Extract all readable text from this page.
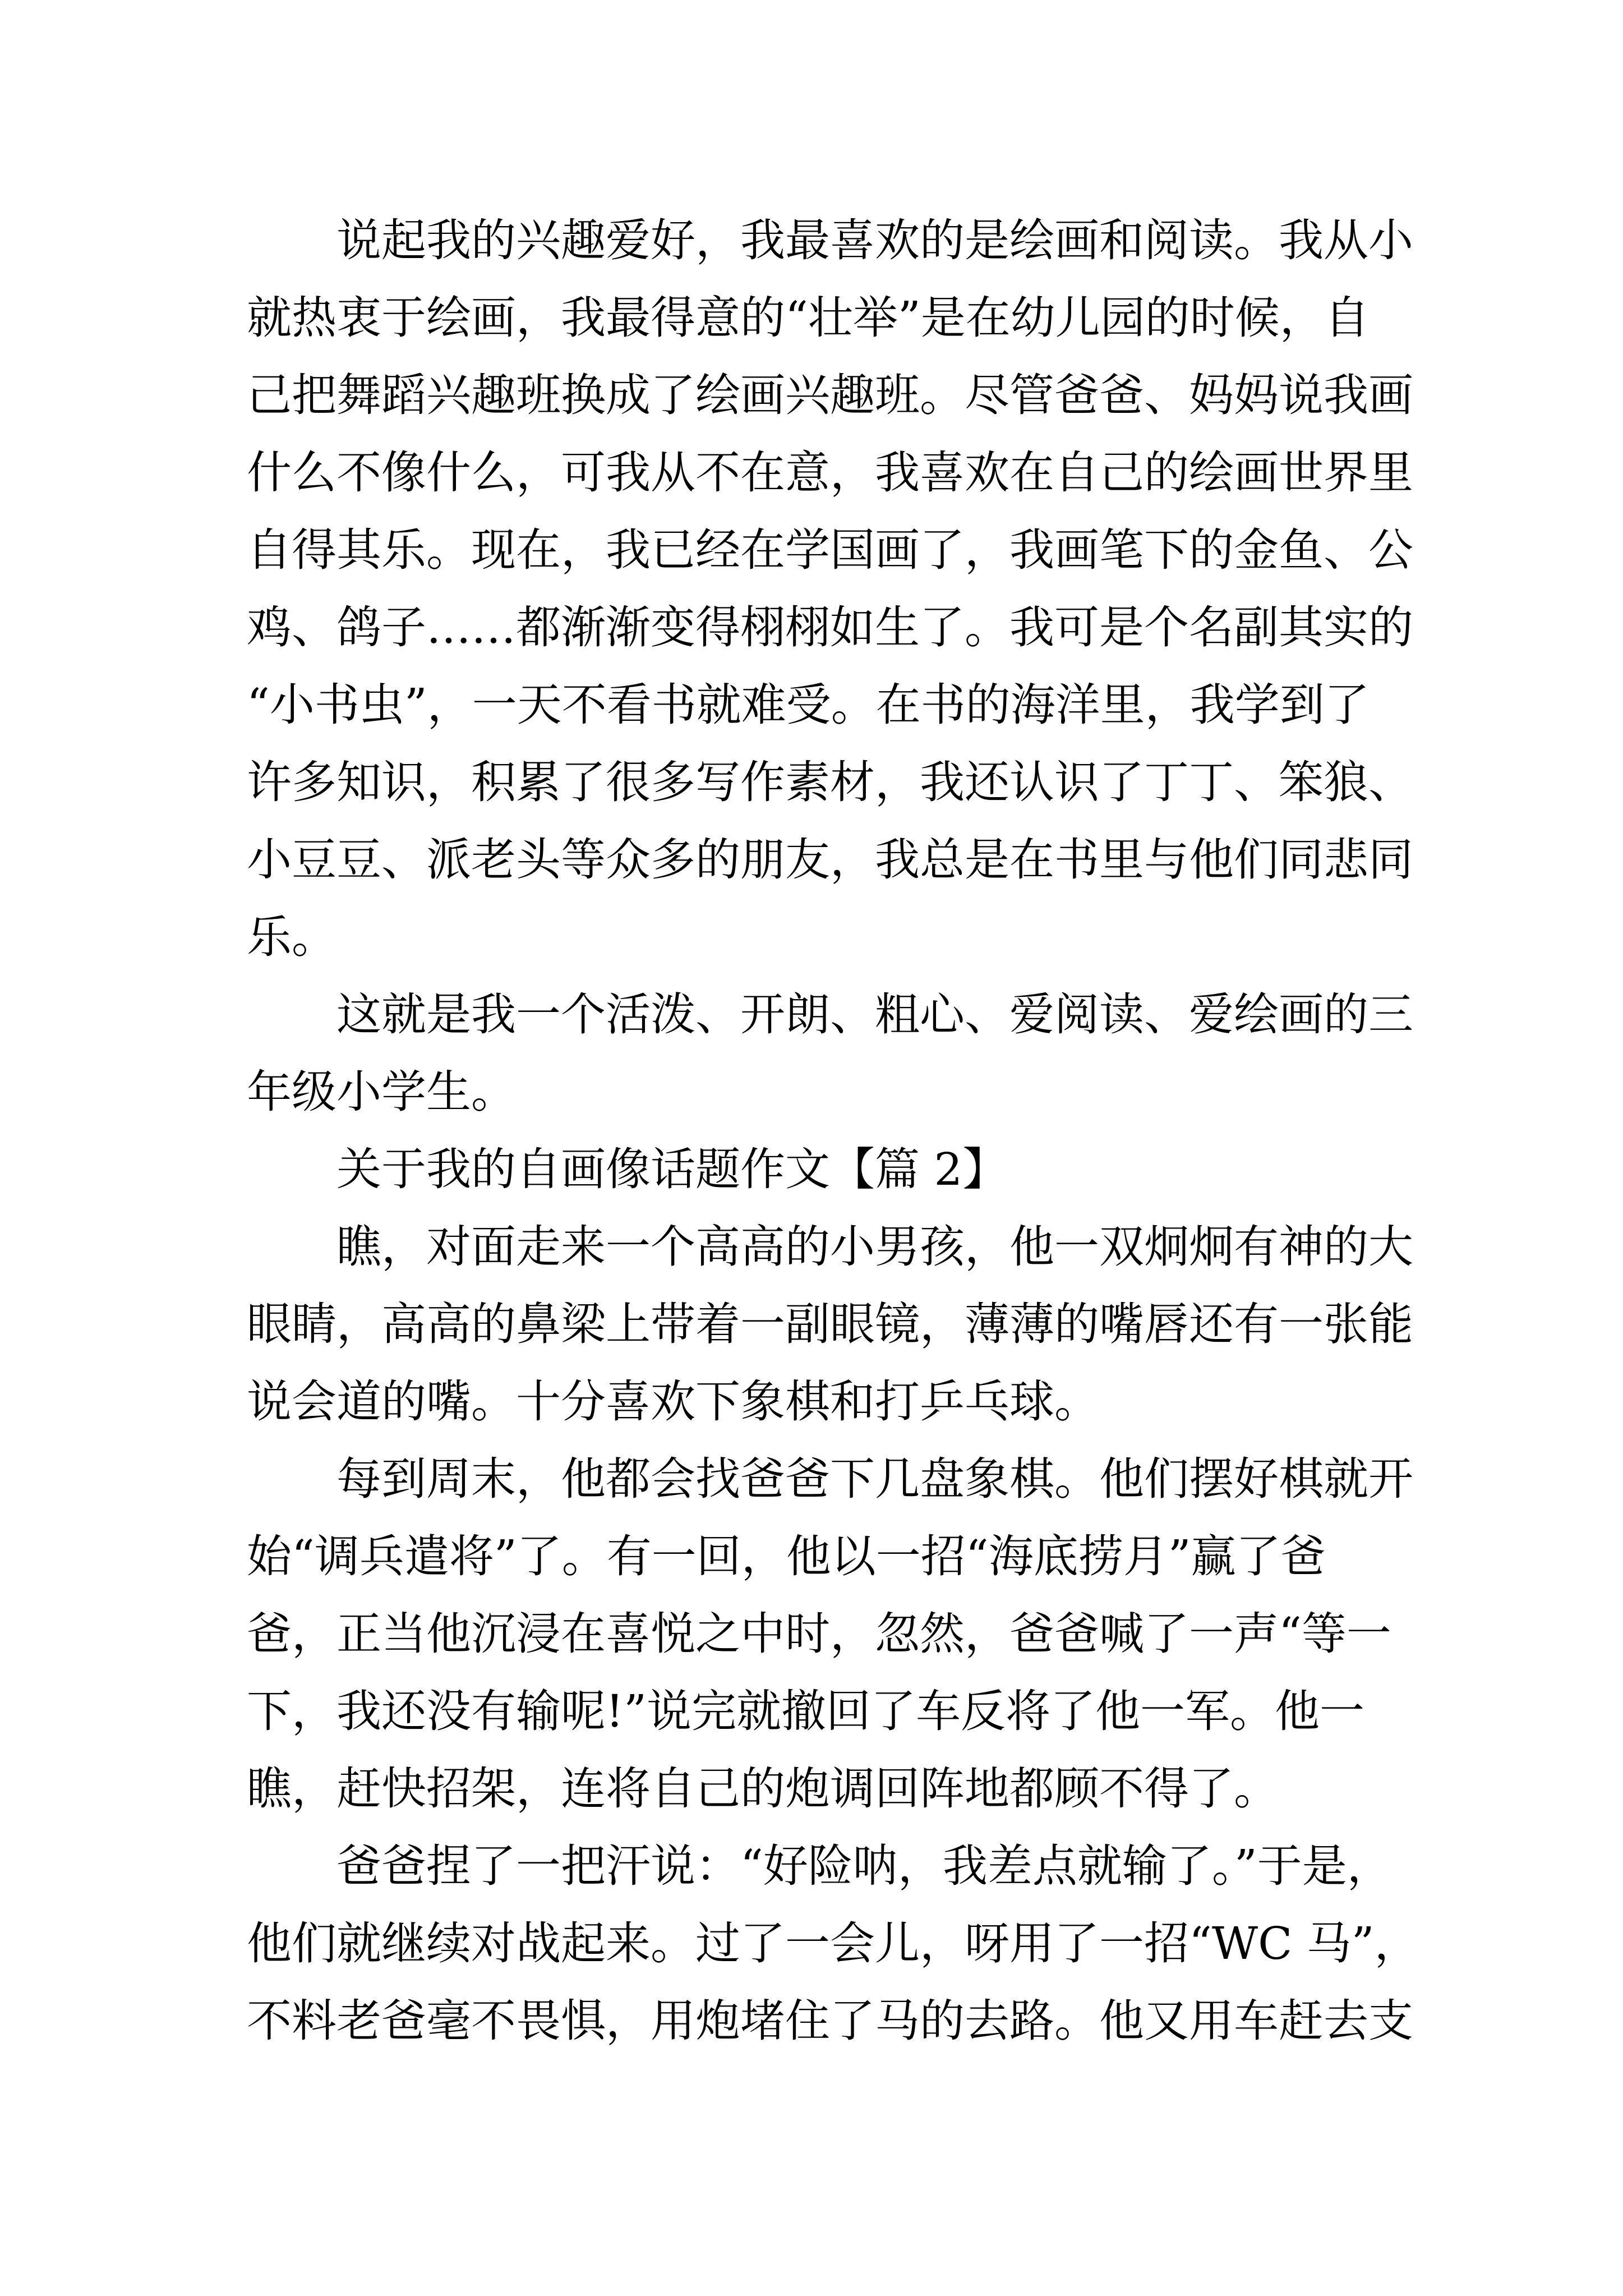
说起我的兴趣爱好，我最喜欢的是绘画和阅读。我从小
就热衷于绘画，我最得意的“壮举”是在幼儿园的时候，自
己把舞蹈兴趣班换成了绘画兴趣班。尽管爸爸、妈妈说我画
什么不像什么，可我从不在意，我喜欢在自己的绘画世界里
自得其乐。现在，我已经在学国画了，我画笔下的金鱼、公
鸡、鸽子……都渐渐变得栩栩如生了。我可是个名副其实的
“小书虫”，一天不看书就难受。在书的海洋里，我学到了
许多知识，积累了很多写作素材，我还认识了丁丁、笨狼、
小豆豆、派老头等众多的朋友，我总是在书里与他们同悲同
乐。
这就是我一个活泼、开朗、粗心、爱阅读、爱绘画的三
年级小学生。
关于我的自画像话题作文【篇 2】
瞧，对面走来一个高高的小男孩，他一双炯炯有神的大
眼睛，高高的鼻梁上带着一副眼镜，薄薄的嘴唇还有一张能
说会道的嘴。十分喜欢下象棋和打乒乓球。
每到周末，他都会找爸爸下几盘象棋。他们摆好棋就开
始“调兵遣将”了。有一回，他以一招“海底捞月”赢了爸
爸，正当他沉浸在喜悦之中时，忽然，爸爸喊了一声“等一
下，我还没有输呢!”说完就撤回了车反将了他一军。他一
瞧，赶快招架，连将自己的炮调回阵地都顾不得了。
爸爸捏了一把汗说：“好险呐，我差点就输了。”于是，
他们就继续对战起来。过了一会儿，呀用了一招“WC 马”，
不料老爸毫不畏惧，用炮堵住了马的去路。他又用车赶去支
